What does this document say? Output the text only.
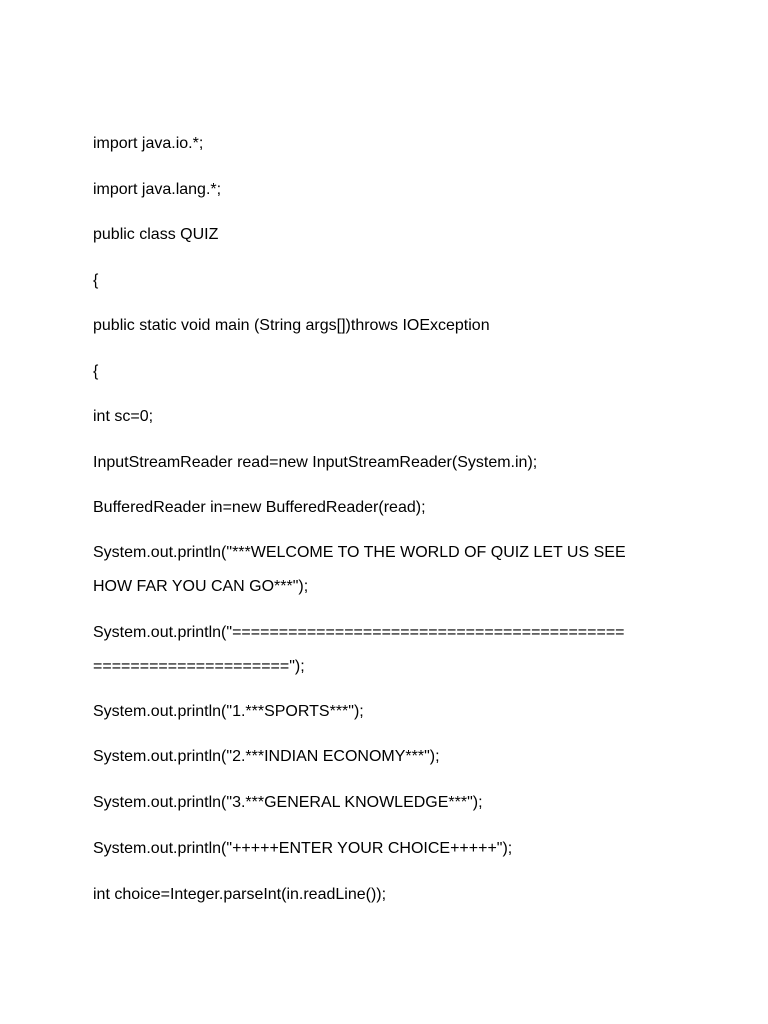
import java.io.*;

import java.lang.*;

public class QUIZ

{

public static void main (String args[])throws IOException

{

int sc=0;

InputStreamReader read=new InputStreamReader(System.in);

BufferedReader in=new BufferedReader(read);

System.out.println("***WELCOME TO THE WORLD OF QUIZ LET US SEE

HOW FAR YOU CAN GO***");

System.out.println("==========================================

=====================");

System.out.println("1.***SPORTS***");

System.out.println("2.***INDIAN ECONOMY***");

System.out.println("3.***GENERAL KNOWLEDGE***");

System.out.println("+++++ENTER YOUR CHOICE+++++");

int choice=Integer.parseInt(in.readLine());
